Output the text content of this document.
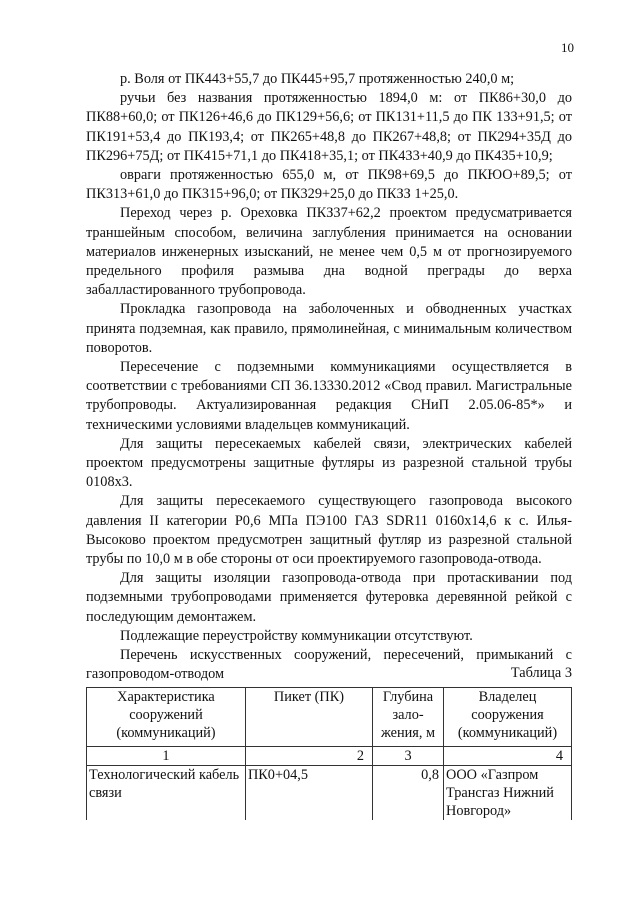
10

р. Воля от ПК443+55,7 до ПК445+95,7 протяженностью 240,0 м;

ручьи без названия протяженностью 1894,0 м: от ПК86+30,0 до ПК88+60,0; от ПК126+46,6 до ПК129+56,6; от ПК131+11,5 до ПК 133+91,5; от ПК191+53,4 до ПК193,4; от ПК265+48,8 до ПК267+48,8; от ПК294+35Д до ПК296+75Д; от ПК415+71,1 до ПК418+35,1; от ПК433+40,9 до ПК435+10,9;

овраги протяженностью 655,0 м, от ПК98+69,5 до ПКЮО+89,5; от ПК313+61,0 до ПК315+96,0; от ПК329+25,0 до ПКЗЗ 1+25,0.

Переход через р. Ореховка ПКЗ37+62,2 проектом предусматривается траншейным способом, величина заглубления принимается на основании материалов инженерных изысканий, не менее чем 0,5 м от прогнозируемого предельного профиля размыва дна водной преграды до верха забалластированного трубопровода.

Прокладка газопровода на заболоченных и обводненных участках принята подземная, как правило, прямолинейная, с минимальным количеством поворотов.

Пересечение с подземными коммуникациями осуществляется в соответствии с требованиями СП 36.13330.2012 «Свод правил. Магистральные трубопроводы. Актуализированная редакция СНиП 2.05.06-85*» и техническими условиями владельцев коммуникаций.

Для защиты пересекаемых кабелей связи, электрических кабелей проектом предусмотрены защитные футляры из разрезной стальной трубы 0108x3.

Для защиты пересекаемого существующего газопровода высокого давления II категории Р0,6 МПа ПЭ100 ГАЗ SDR11 0160x14,6 к с. Илья-Высоково проектом предусмотрен защитный футляр из разрезной стальной трубы по 10,0 м в обе стороны от оси проектируемого газопровода-отвода.

Для защиты изоляции газопровода-отвода при протаскивании под подземными трубопроводами применяется футеровка деревянной рейкой с последующим демонтажем.

Подлежащие переустройству коммуникации отсутствуют.

Перечень искусственных сооружений, пересечений, примыканий с газопроводом-отводом	Таблица 3
Характеристика сооружений (коммуникаций)	Пикет (ПК)	Глубина зало-жения, м	Владелец сооружения (коммуникаций)
1	2	3	4
Технологический кабель связи	ПК0+04,5	0,8	ООО «Газпром Трансгаз Нижний Новгород»
